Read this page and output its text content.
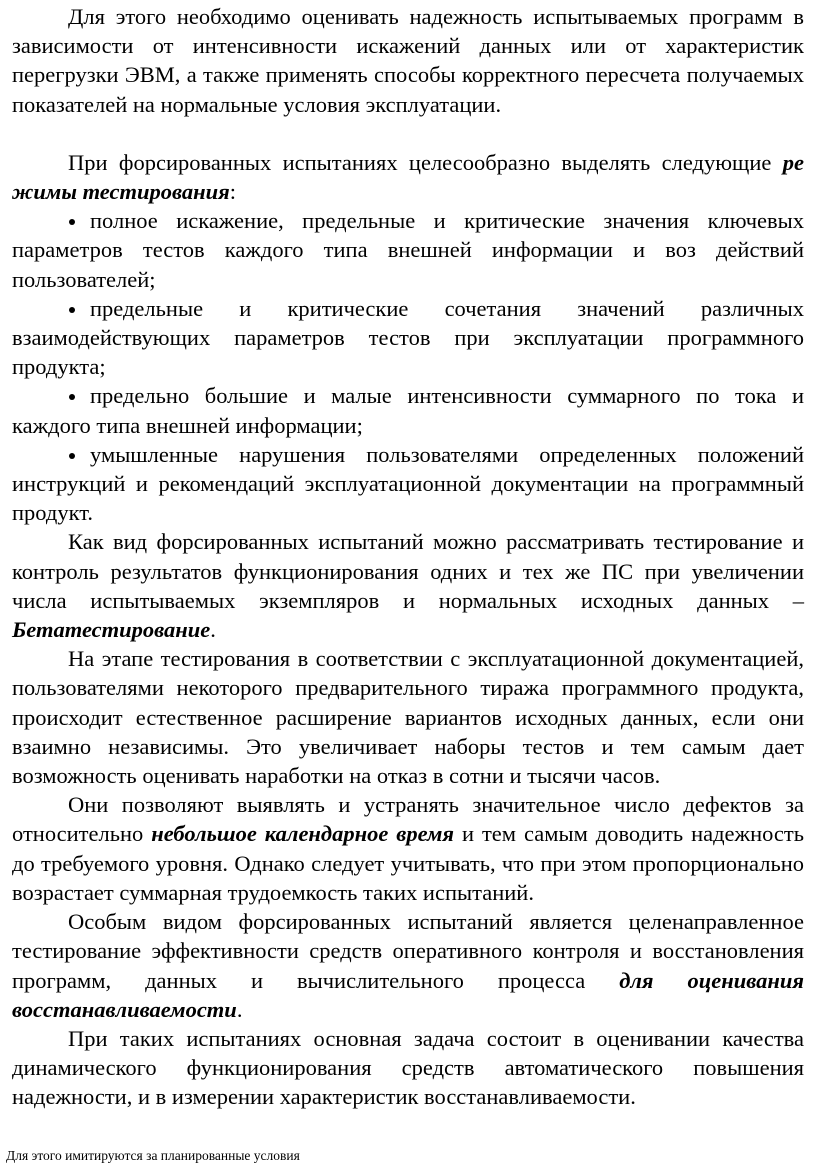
Для этого необходимо оценивать надежность испытываемых программ в зависимости от интенсивности искажений данных или от характеристик перегрузки ЭВМ, а также применять способы корректного пересчета получаемых показателей на нормальные условия эксплуатации.

При форсированных испытаниях целесообразно выделять следующие ре жимы тестирования:

полное искажение, предельные и критические значения ключевых параметров тестов каждого типа внешней информации и воз действий пользователей;
предельные и критические сочетания значений различных взаимодействующих параметров тестов при эксплуатации программного продукта;
предельно большие и малые интенсивности суммарного по тока и каждого типа внешней информации;
умышленные нарушения пользователями определенных положений инструкций и рекомендаций эксплуатационной документации на программный продукт.

Как вид форсированных испытаний можно рассматривать тестирование и контроль результатов функционирования одних и тех же ПС при увеличении числа испытываемых экземпляров и нормальных исходных данных – Бетатестирование.

На этапе тестирования в соответствии с эксплуатационной документацией, пользователями некоторого предварительного тиража программного продукта, происходит естественное расширение вариантов исходных данных, если они взаимно независимы. Это увеличивает наборы тестов и тем самым дает возможность оценивать наработки на отказ в сотни и тысячи часов.

Они позволяют выявлять и устранять значительное число дефектов за относительно небольшое календарное время и тем самым доводить надежность до требуемого уровня. Однако следует учитывать, что при этом пропорционально возрастает суммарная трудоемкость таких испытаний.

Особым видом форсированных испытаний является целенаправленное тестирование эффективности средств оперативного контроля и восстановления программ, данных и вычислительного процесса для оценивания восстанавливаемости.

При таких испытаниях основная задача состоит в оценивании качества динамического функционирования средств автоматического повышения надежности, и в измерении характеристик восстанавливаемости.

Для этого имитируются за планированные условия
